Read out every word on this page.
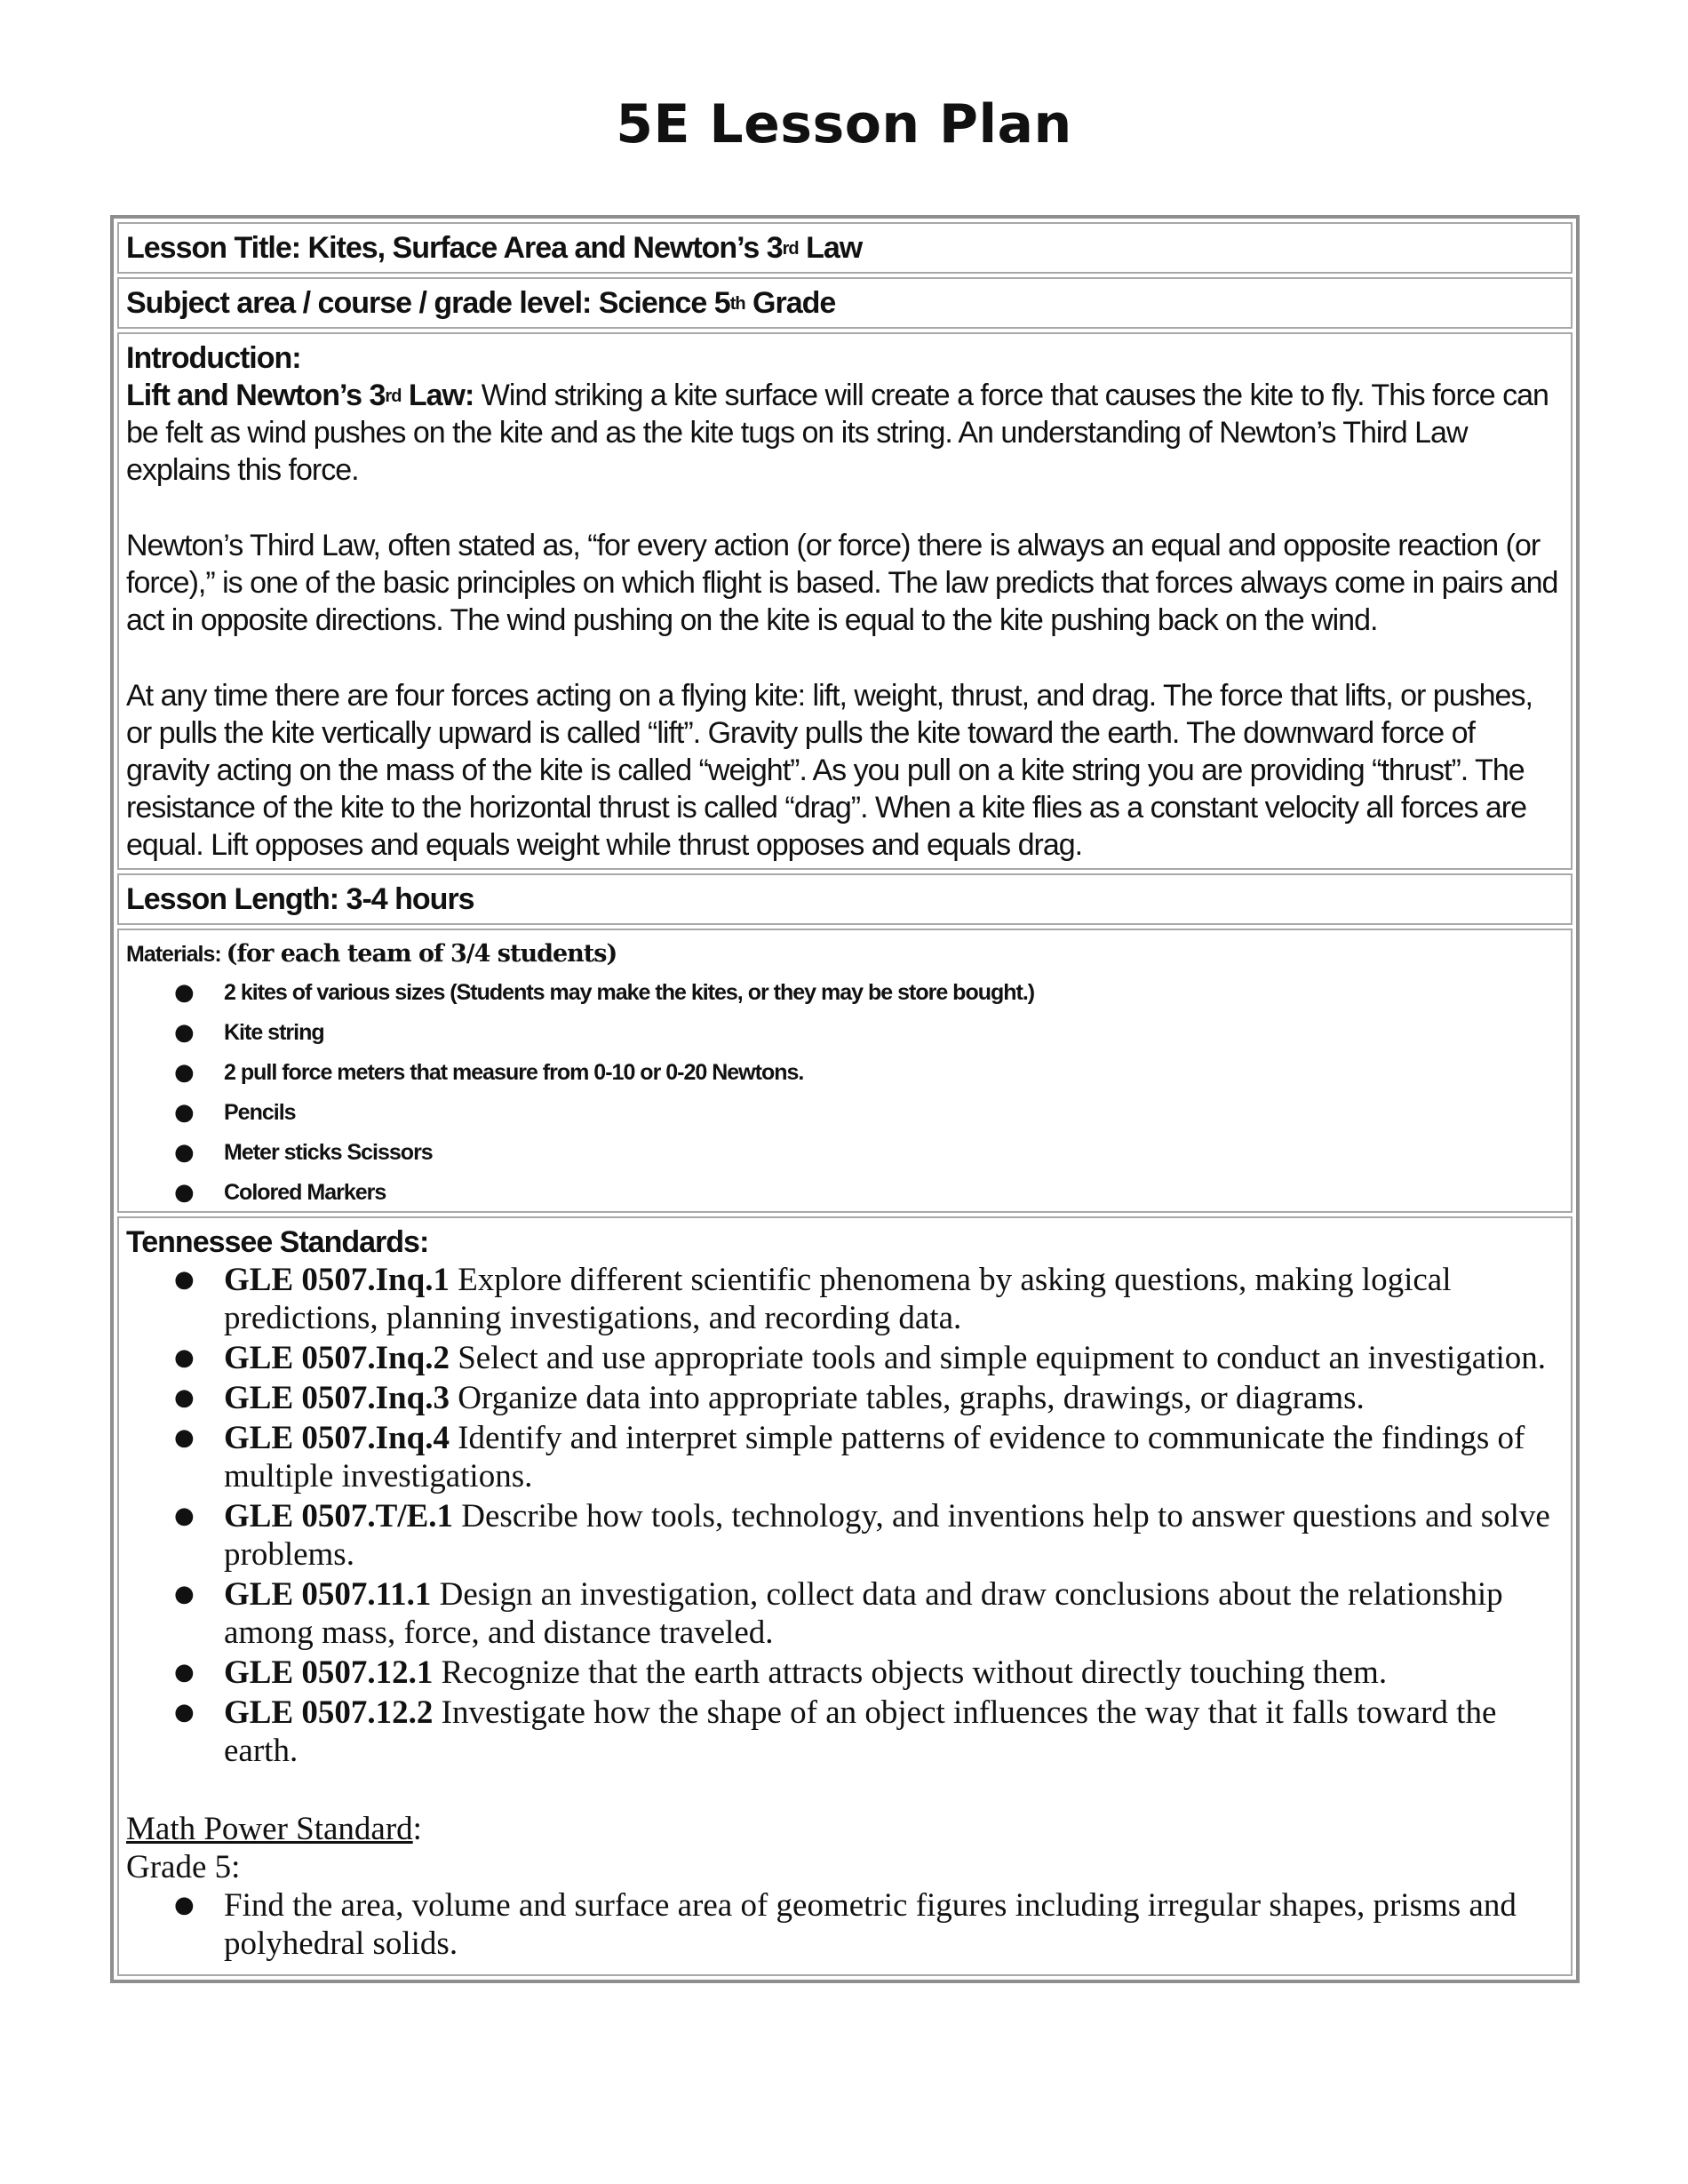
5E Lesson Plan
Lesson Title: Kites, Surface Area and Newton’s 3rd Law
Subject area / course / grade level: Science 5th Grade
Introduction:

Lift and Newton’s 3rd Law: Wind striking a kite surface will create a force that causes the kite to fly. This force can be felt as wind pushes on the kite and as the kite tugs on its string. An understanding of Newton’s Third Law explains this force.

Newton’s Third Law, often stated as, “for every action (or force) there is always an equal and opposite reaction (or force),” is one of the basic principles on which flight is based. The law predicts that forces always come in pairs and act in opposite directions. The wind pushing on the kite is equal to the kite pushing back on the wind.

At any time there are four forces acting on a flying kite: lift, weight, thrust, and drag. The force that lifts, or pushes, or pulls the kite vertically upward is called “lift”. Gravity pulls the kite toward the earth. The downward force of gravity acting on the mass of the kite is called “weight”. As you pull on a kite string you are providing “thrust”. The resistance of the kite to the horizontal thrust is called “drag”. When a kite flies as a constant velocity all forces are equal. Lift opposes and equals weight while thrust opposes and equals drag.

Lesson Length: 3-4 hours
Materials: (for each team of 3/4 students)
●	2 kites of various sizes (Students may make the kites, or they may be store bought.)
●	Kite string
●	2 pull force meters that measure from 0-10 or 0-20 Newtons.
●	Pencils
●	Meter sticks Scissors
●	Colored Markers
Tennessee Standards:
● GLE 0507.Inq.1 Explore different scientific phenomena by asking questions, making logical predictions, planning investigations, and recording data.
● GLE 0507.Inq.2 Select and use appropriate tools and simple equipment to conduct an investigation.
● GLE 0507.Inq.3 Organize data into appropriate tables, graphs, drawings, or diagrams.
● GLE 0507.Inq.4 Identify and interpret simple patterns of evidence to communicate the findings of multiple investigations.
● GLE 0507.T/E.1 Describe how tools, technology, and inventions help to answer questions and solve problems.
● GLE 0507.11.1 Design an investigation, collect data and draw conclusions about the relationship among mass, force, and distance traveled.
● GLE 0507.12.1 Recognize that the earth attracts objects without directly touching them.
● GLE 0507.12.2 Investigate how the shape of an object influences the way that it falls toward the earth.
Math Power Standard:
Grade 5:
● Find the area, volume and surface area of geometric figures including irregular shapes, prisms and polyhedral solids.
